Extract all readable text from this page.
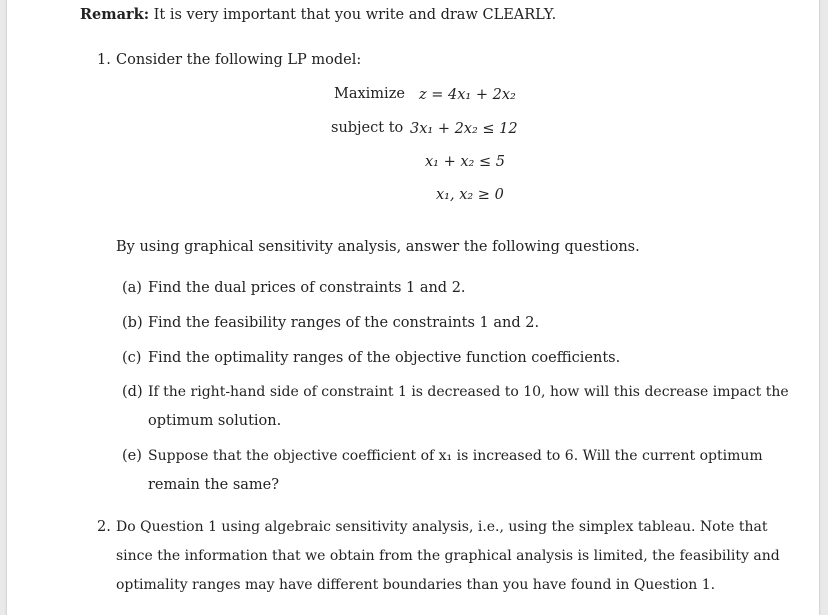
Remark: It is very important that you write and draw CLEARLY.
1. Consider the following LP model:
Maximize z = 4x₁ + 2x₂
subject to 3x₁ + 2x₂ ≤ 12
x₁ + x₂ ≤ 5
x₁, x₂ ≥ 0
By using graphical sensitivity analysis, answer the following questions.
(a) Find the dual prices of constraints 1 and 2.
(b) Find the feasibility ranges of the constraints 1 and 2.
(c) Find the optimality ranges of the objective function coefficients.
(d) If the right-hand side of constraint 1 is decreased to 10, how will this decrease impact the
optimum solution.
(e) Suppose that the objective coefficient of x₁ is increased to 6. Will the current optimum
remain the same?
2. Do Question 1 using algebraic sensitivity analysis, i.e., using the simplex tableau. Note that
since the information that we obtain from the graphical analysis is limited, the feasibility and
optimality ranges may have different boundaries than you have found in Question 1.
